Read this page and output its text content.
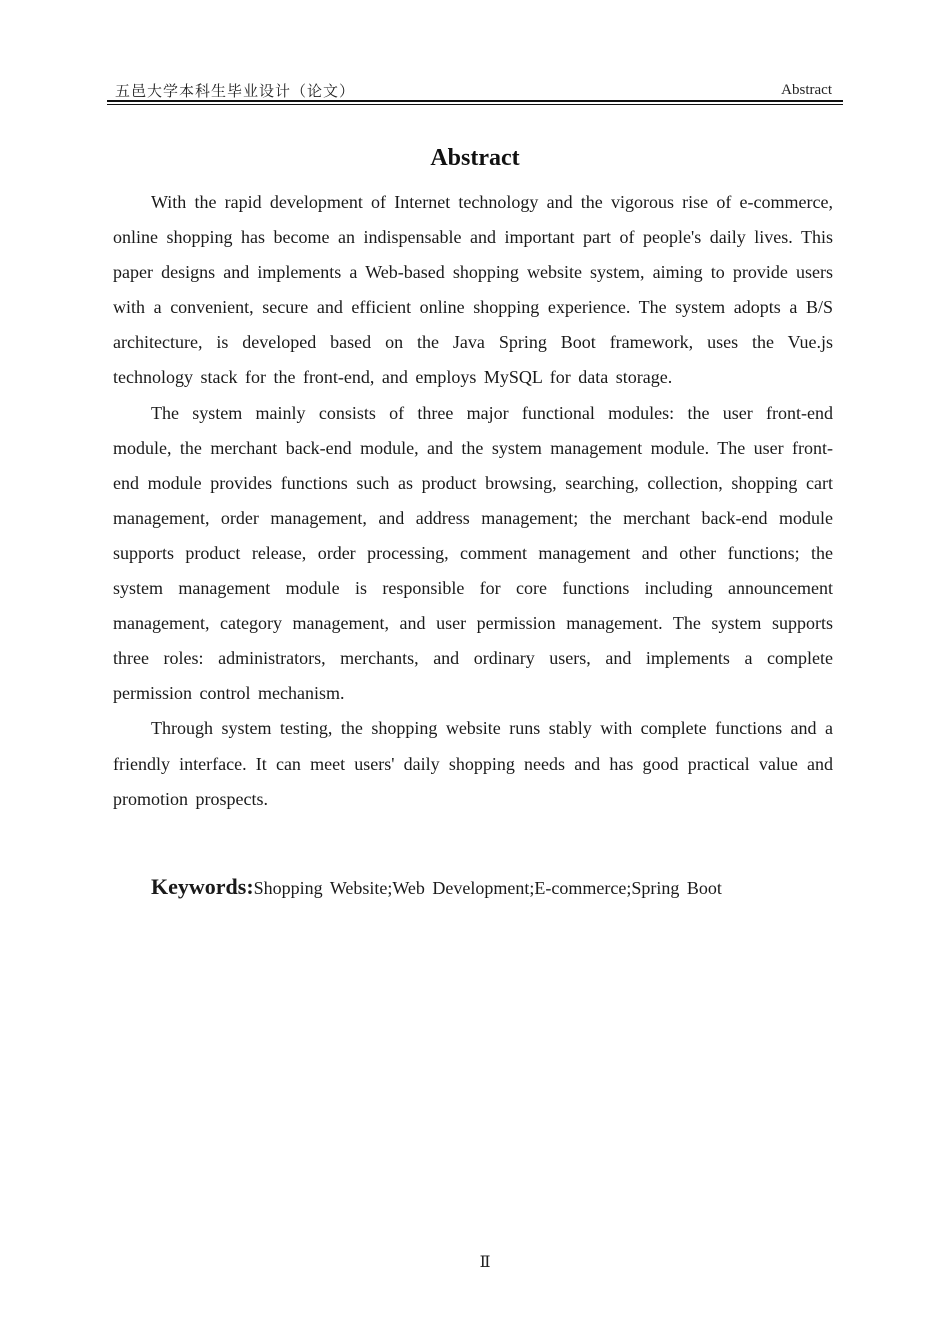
五邑大学本科生毕业设计（论文）	Abstract
Abstract

With the rapid development of Internet technology and the vigorous rise of e-commerce, online shopping has become an indispensable and important part of people's daily lives. This paper designs and implements a Web-based shopping website system, aiming to provide users with a convenient, secure and efficient online shopping experience. The system adopts a B/S architecture, is developed based on the Java Spring Boot framework, uses the Vue.js technology stack for the front-end, and employs MySQL for data storage.

The system mainly consists of three major functional modules: the user front-end module, the merchant back-end module, and the system management module. The user front-end module provides functions such as product browsing, searching, collection, shopping cart management, order management, and address management; the merchant back-end module supports product release, order processing, comment management and other functions; the system management module is responsible for core functions including announcement management, category management, and user permission management. The system supports three roles: administrators, merchants, and ordinary users, and implements a complete permission control mechanism.

Through system testing, the shopping website runs stably with complete functions and a friendly interface. It can meet users' daily shopping needs and has good practical value and promotion prospects.

Keywords:Shopping Website;Web Development;E-commerce;Spring Boot
Ⅱ
